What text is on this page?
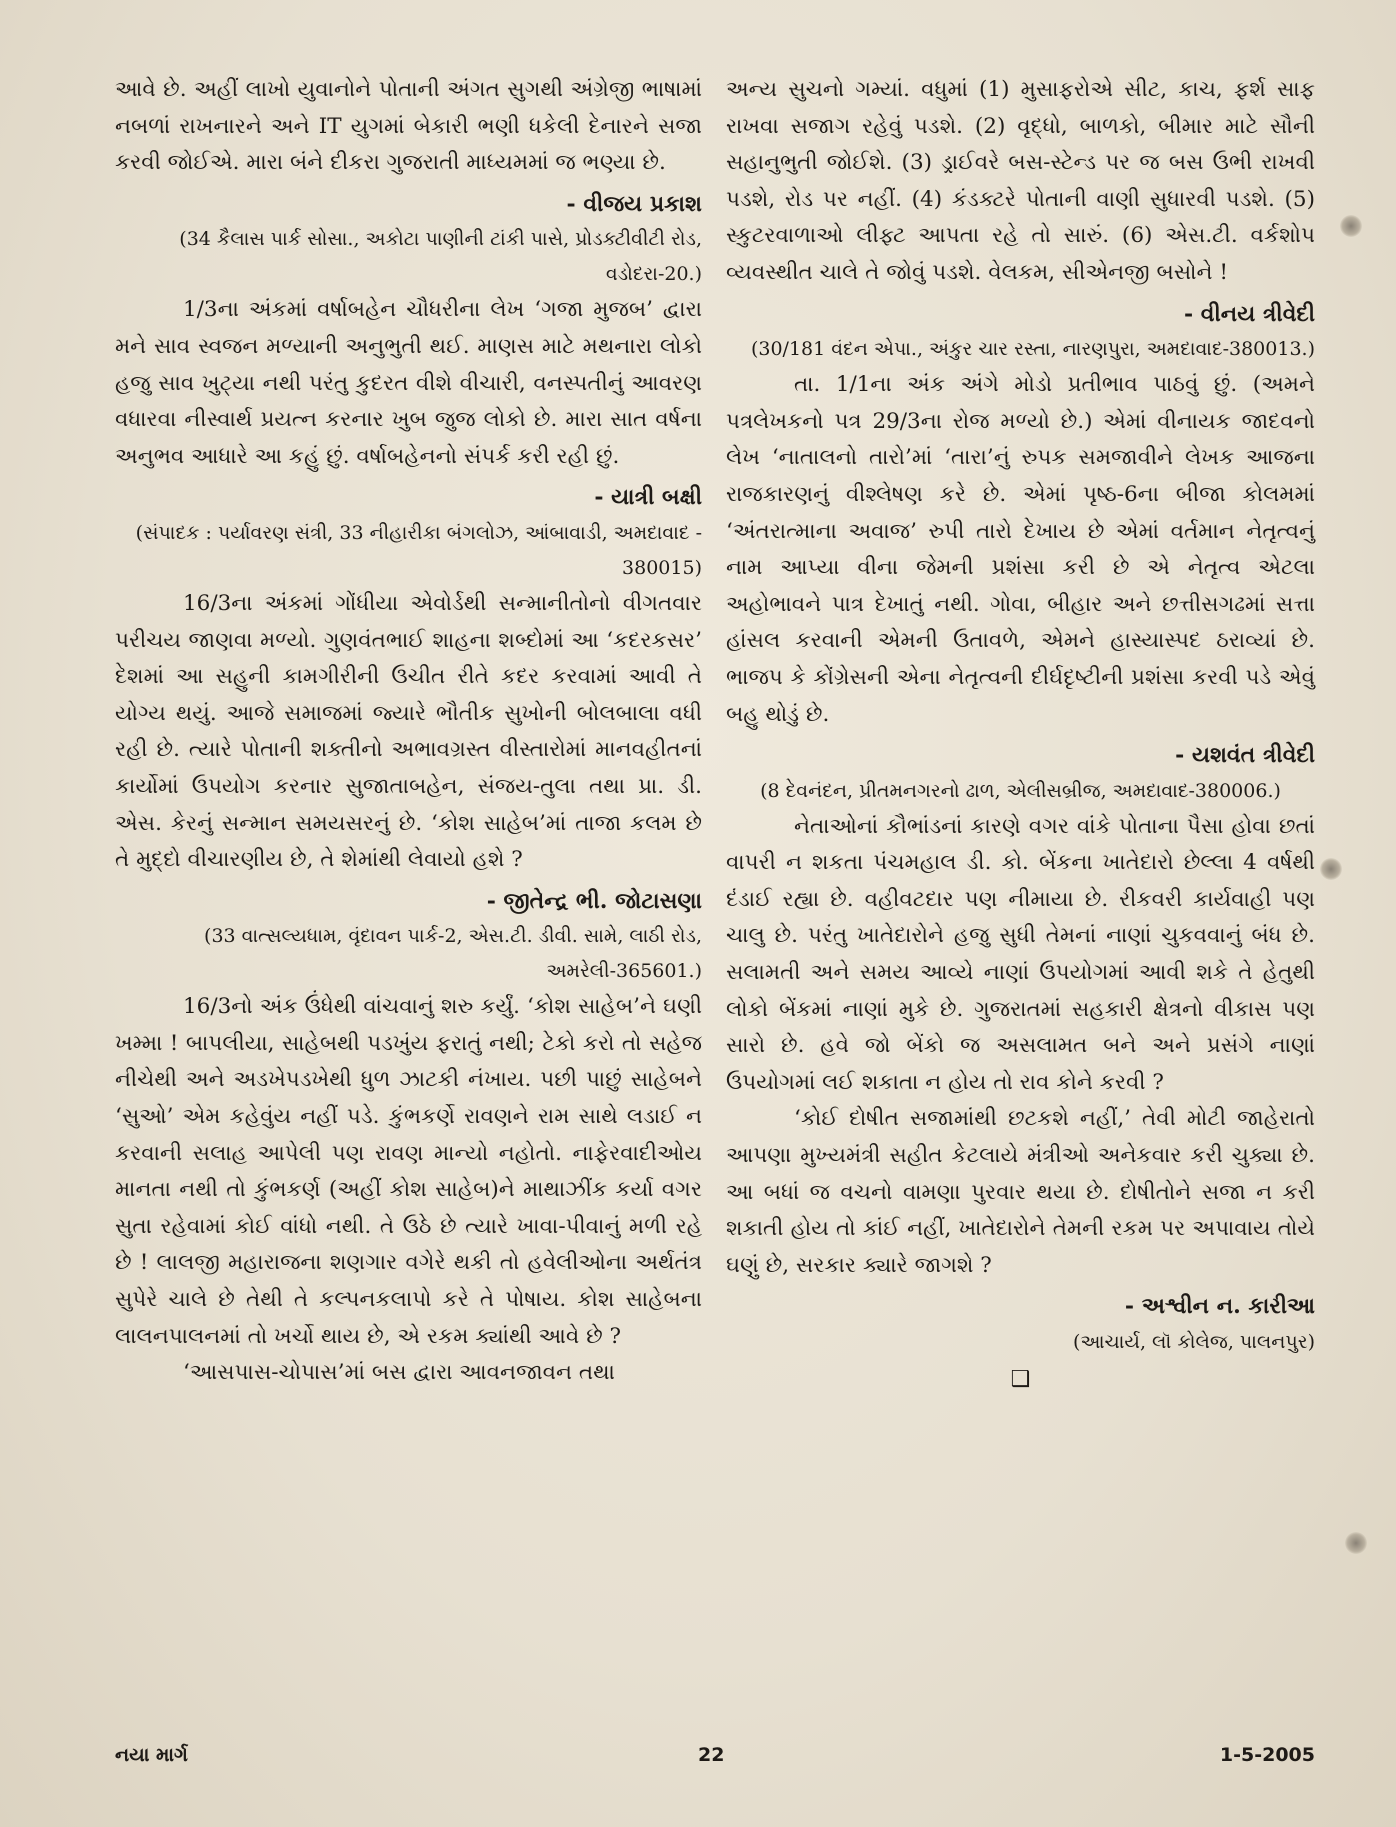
આવે છે. અહીં લાખો યુવાનોને પોતાની અંગત સુગથી અંગ્રેજી ભાષામાં નબળાં રાખનારને અને IT યુગમાં બેકારી ભણી ધકેલી દેનારને સજા કરવી જોઈએ. મારા બંને દીકરા ગુજરાતી માધ્યમમાં જ ભણ્યા છે.

- વીજય પ્રકાશ

(34 કૈલાસ પાર્ક સોસા., અકોટા પાણીની ટાંકી પાસે, પ્રોડક્ટીવીટી રોડ, વડોદરા-20.)

1/3ના અંકમાં વર્ષાબહેન ચૌધરીના લેખ ‘ગજા મુજબ’ દ્વારા મને સાવ સ્વજન મળ્યાની અનુભુતી થઈ. માણસ માટે મથનારા લોકો હજુ સાવ ખુટ્યા નથી પરંતુ કુદરત વીશે વીચારી, વનસ્પતીનું આવરણ વધારવા નીસ્વાર્થ પ્રયત્ન કરનાર ખુબ જુજ લોકો છે. મારા સાત વર્ષના અનુભવ આધારે આ કહું છું. વર્ષાબહેનનો સંપર્ક કરી રહી છું.

- યાત્રી બક્ષી

(સંપાદક : પર્યાવરણ સંત્રી, 33 નીહારીકા બંગલોઝ, આંબાવાડી, અમદાવાદ - 380015)

16/3ના અંકમાં ગોંધીયા એવોર્ડથી સન્માનીતોનો વીગતવાર પરીચય જાણવા મળ્યો. ગુણવંતભાઈ શાહના શબ્દોમાં આ ‘કદરકસર’ દેશમાં આ સહુની કામગીરીની ઉચીત રીતે કદર કરવામાં આવી તે યોગ્ય થયું. આજે સમાજમાં જ્યારે ભૌતીક સુખોની બોલબાલા વધી રહી છે. ત્યારે પોતાની શક્તીનો અભાવગ્રસ્ત વીસ્તારોમાં માનવહીતનાં કાર્યોમાં ઉપયોગ કરનાર સુજાતાબહેન, સંજય-તુલા તથા પ્રા. ડી. એસ. કેરનું સન્માન સમયસરનું છે. ‘કોશ સાહેબ’માં તાજા કલમ છે તે મુદ્દો વીચારણીય છે, તે શેમાંથી લેવાયો હશે ?

- જીતેન્દ્ર ભી. જોટાસણા

(33 વાત્સલ્યધામ, વૃંદાવન પાર્ક-2, એસ.ટી. ડીવી. સામે, લાઠી રોડ, અમરેલી-365601.)

16/3નો અંક ઉંધેથી વાંચવાનું શરુ કર્યું. ‘કોશ સાહેબ’ને ઘણી ખમ્મા ! બાપલીયા, સાહેબથી પડખુંય ફરાતું નથી; ટેકો કરો તો સહેજ નીચેથી અને અડખેપડખેથી ધુળ ઝાટકી નંખાય. પછી પાછું સાહેબને ‘સુઓ’ એમ કહેવુંય નહીં પડે. કુંભકર્ણે રાવણને રામ સાથે લડાઈ ન કરવાની સલાહ આપેલી પણ રાવણ માન્યો નહોતો. નાફેરવાદીઓય માનતા નથી તો કુંભકર્ણ (અહીં કોશ સાહેબ)ને માથાઝીંક કર્યા વગર સુતા રહેવામાં કોઈ વાંધો નથી. તે ઉઠે છે ત્યારે ખાવા-પીવાનું મળી રહે છે ! લાલજી મહારાજના શણગાર વગેરે થકી તો હવેલીઓના અર્થતંત્ર સુપેરે ચાલે છે તેથી તે કલ્પનકલાપો કરે તે પોષાય. કોશ સાહેબના લાલનપાલનમાં તો ખર્ચો થાય છે, એ રકમ ક્યાંથી આવે છે ?

‘આસપાસ-ચોપાસ’માં બસ દ્વારા આવનજાવન તથા

અન્ય સુચનો ગમ્યાં. વધુમાં (1) મુસાફરોએ સીટ, કાચ, ફર્શ સાફ રાખવા સજાગ રહેવું પડશે. (2) વૃદ્ધો, બાળકો, બીમાર માટે સૌની સહાનુભુતી જોઈશે. (3) ડ્રાઈવરે બસ-સ્ટેન્ડ પર જ બસ ઉભી રાખવી પડશે, રોડ પર નહીં. (4) કંડક્ટરે પોતાની વાણી સુધારવી પડશે. (5) સ્કુટરવાળાઓ લીફ્ટ આપતા રહે તો સારું. (6) એસ.ટી. વર્કશોપ વ્યવસ્થીત ચાલે તે જોવું પડશે. વેલકમ, સીએનજી બસોને !

- વીનય ત્રીવેદી

(30/181 વંદન એપા., અંકુર ચાર રસ્તા, નારણપુરા, અમદાવાદ-380013.)

તા. 1/1ના અંક અંગે મોડો પ્રતીભાવ પાઠવું છું. (અમને પત્રલેખકનો પત્ર 29/3ના રોજ મળ્યો છે.) એમાં વીનાયક જાદવનો લેખ ‘નાતાલનો તારો’માં ‘તારા’નું રુપક સમજાવીને લેખક આજના રાજકારણનું વીશ્લેષણ કરે છે. એમાં પૃષ્ઠ-6ના બીજા કોલમમાં ‘અંતરાત્માના અવાજ’ રુપી તારો દેખાય છે એમાં વર્તમાન નેતૃત્વનું નામ આપ્યા વીના જેમની પ્રશંસા કરી છે એ નેતૃત્વ એટલા અહોભાવને પાત્ર દેખાતું નથી. ગોવા, બીહાર અને છત્તીસગઢમાં સત્તા હાંસલ કરવાની એમની ઉતાવળે, એમને હાસ્યાસ્પદ ઠરાવ્યાં છે. ભાજપ કે કોંગ્રેસની એના નેતૃત્વની દીર્ઘદૃષ્ટીની પ્રશંસા કરવી પડે એવું બહુ થોડું છે.

- યશવંત ત્રીવેદી

(8 દેવનંદન, પ્રીતમનગરનો ઢાળ, એલીસબ્રીજ, અમદાવાદ-380006.)

નેતાઓનાં કૌભાંડનાં કારણે વગર વાંકે પોતાના પૈસા હોવા છતાં વાપરી ન શકતા પંચમહાલ ડી. કો. બેંકના ખાતેદારો છેલ્લા 4 વર્ષથી દંડાઈ રહ્યા છે. વહીવટદાર પણ નીમાયા છે. રીકવરી કાર્યવાહી પણ ચાલુ છે. પરંતુ ખાતેદારોને હજુ સુધી તેમનાં નાણાં ચુકવવાનું બંધ છે. સલામતી અને સમય આવ્યે નાણાં ઉપયોગમાં આવી શકે તે હેતુથી લોકો બેંકમાં નાણાં મુકે છે. ગુજરાતમાં સહકારી ક્ષેત્રનો વીકાસ પણ સારો છે. હવે જો બેંકો જ અસલામત બને અને પ્રસંગે નાણાં ઉપયોગમાં લઈ શકાતા ન હોય તો રાવ કોને કરવી ?

‘કોઈ દોષીત સજામાંથી છટકશે નહીં,’ તેવી મોટી જાહેરાતો આપણા મુખ્યમંત્રી સહીત કેટલાયે મંત્રીઓ અનેકવાર કરી ચુક્યા છે. આ બધાં જ વચનો વામણા પુરવાર થયા છે. દોષીતોને સજા ન કરી શકાતી હોય તો કાંઈ નહીં, ખાતેદારોને તેમની રકમ પર અપાવાય તોયે ઘણું છે, સરકાર ક્યારે જાગશે ?

- અશ્વીન ન. કારીઆ

(આચાર્ય, લૉ કોલેજ, પાલનપુર)

❑
નયા માર્ગ	22	1-5-2005
